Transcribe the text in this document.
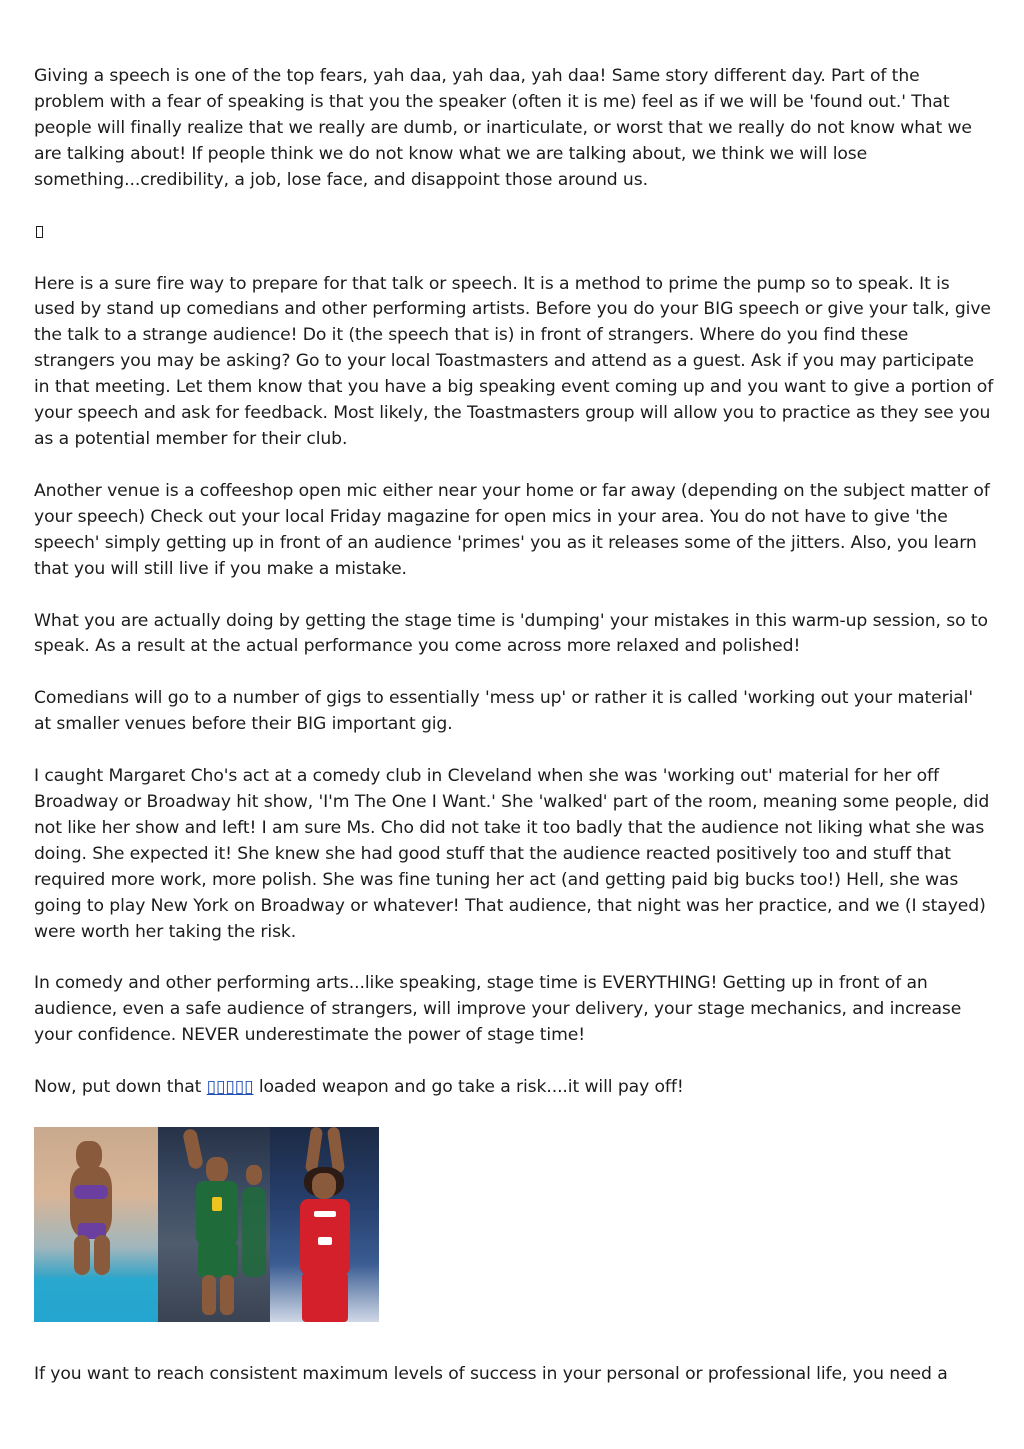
Giving a speech is one of the top fears, yah daa, yah daa, yah daa! Same story different day. Part of the problem with a fear of speaking is that you the speaker (often it is me) feel as if we will be 'found out.' That people will finally realize that we really are dumb, or inarticulate, or worst that we really do not know what we are talking about! If people think we do not know what we are talking about, we think we will lose something...credibility, a job, lose face, and disappoint those around us.

Here is a sure fire way to prepare for that talk or speech. It is a method to prime the pump so to speak. It is used by stand up comedians and other performing artists. Before you do your BIG speech or give your talk, give the talk to a strange audience! Do it (the speech that is) in front of strangers. Where do you find these strangers you may be asking? Go to your local Toastmasters and attend as a guest. Ask if you may participate in that meeting. Let them know that you have a big speaking event coming up and you want to give a portion of your speech and ask for feedback. Most likely, the Toastmasters group will allow you to practice as they see you as a potential member for their club.

Another venue is a coffeeshop open mic either near your home or far away (depending on the subject matter of your speech) Check out your local Friday magazine for open mics in your area. You do not have to give 'the speech' simply getting up in front of an audience 'primes' you as it releases some of the jitters. Also, you learn that you will still live if you make a mistake.

What you are actually doing by getting the stage time is 'dumping' your mistakes in this warm-up session, so to speak. As a result at the actual performance you come across more relaxed and polished!

Comedians will go to a number of gigs to essentially 'mess up' or rather it is called 'working out your material' at smaller venues before their BIG important gig.

I caught Margaret Cho's act at a comedy club in Cleveland when she was 'working out' material for her off Broadway or Broadway hit show, 'I'm The One I Want.' She 'walked' part of the room, meaning some people, did not like her show and left! I am sure Ms. Cho did not take it too badly that the audience not liking what she was doing. She expected it! She knew she had good stuff that the audience reacted positively too and stuff that required more work, more polish. She was fine tuning her act (and getting paid big bucks too!) Hell, she was going to play New York on Broadway or whatever! That audience, that night was her practice, and we (I stayed) were worth her taking the risk.

In comedy and other performing arts...like speaking, stage time is EVERYTHING! Getting up in front of an audience, even a safe audience of strangers, will improve your delivery, your stage mechanics, and increase your confidence. NEVER underestimate the power of stage time!

Now, put down that ▯▯▯▯▯ loaded weapon and go take a risk....it will pay off!

If you want to reach consistent maximum levels of success in your personal or professional life, you need a
